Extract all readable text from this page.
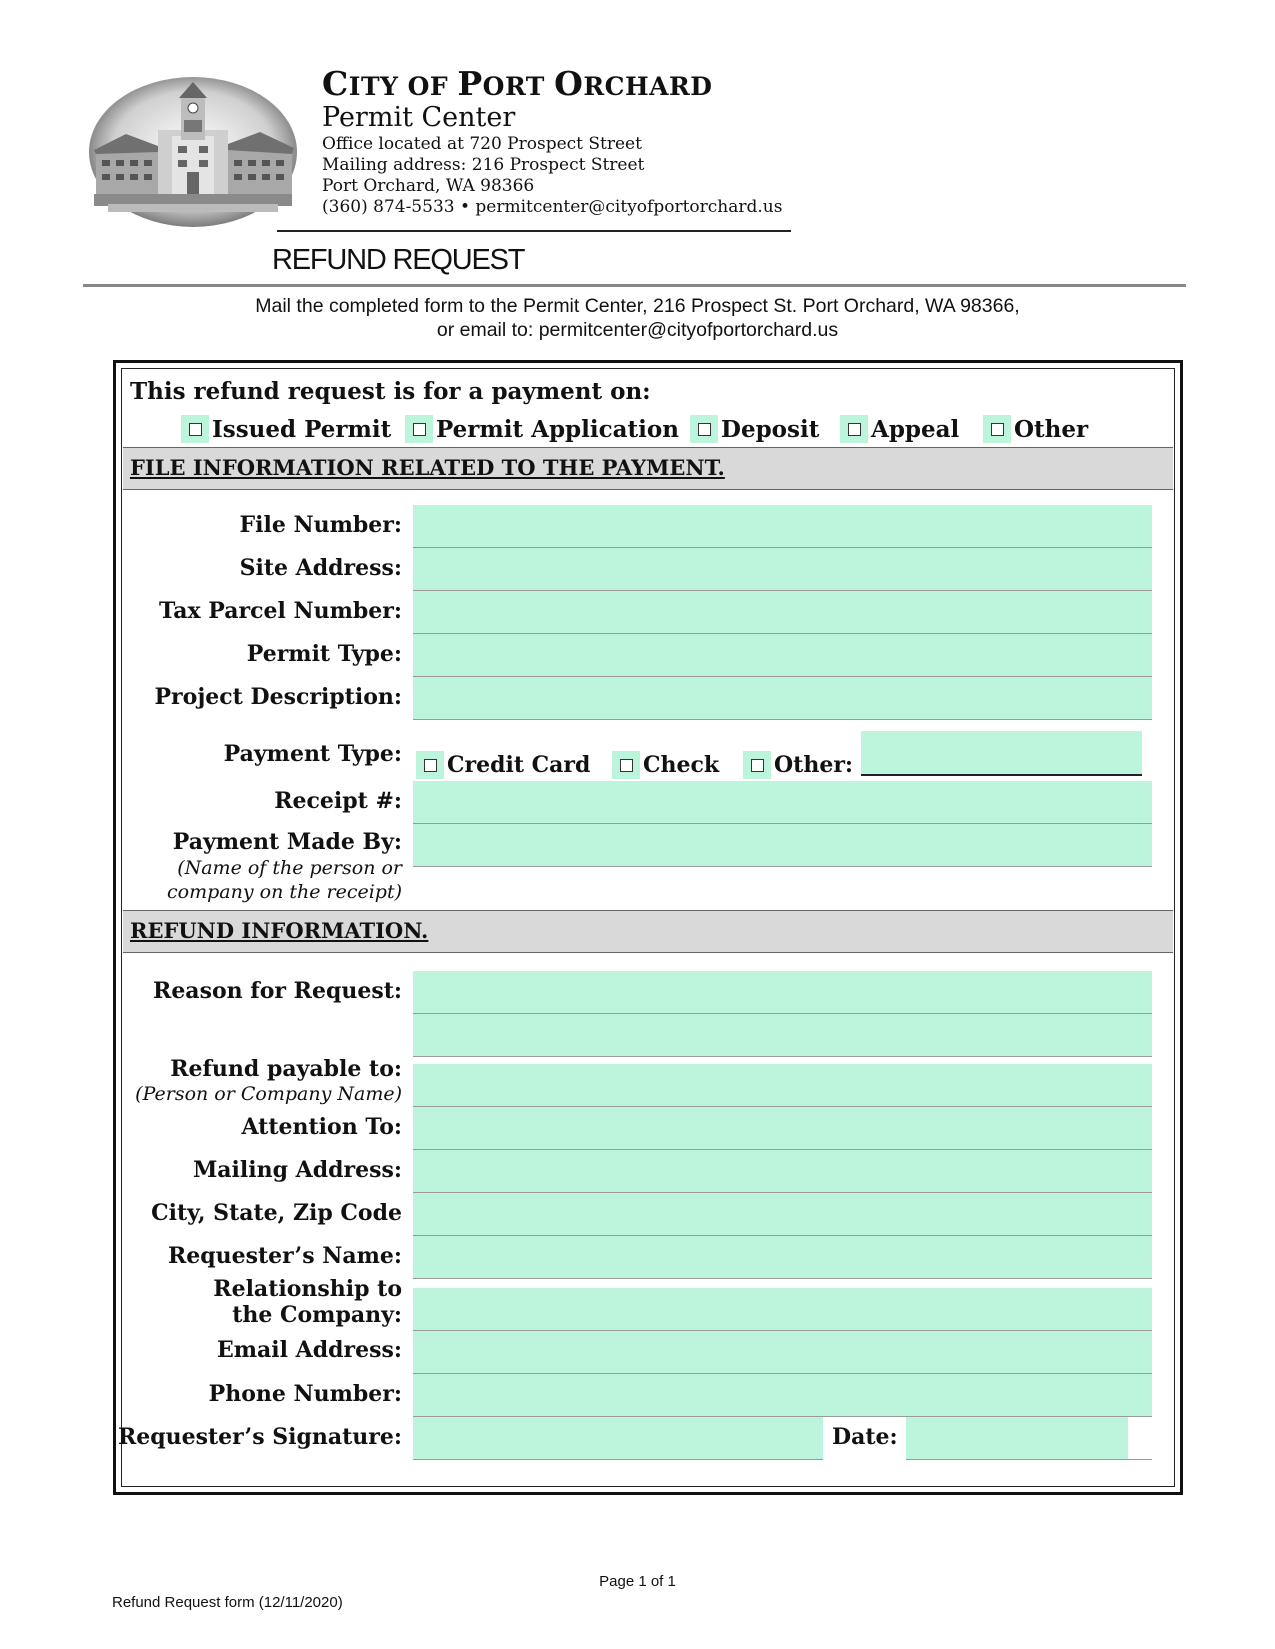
CITY OF PORT ORCHARD
Permit Center
Office located at 720 Prospect Street
Mailing address: 216 Prospect Street
Port Orchard, WA 98366
(360) 874-5533 • permitcenter@cityofportorchard.us
REFUND REQUEST
Mail the completed form to the Permit Center, 216 Prospect St. Port Orchard, WA 98366,
or email to: permitcenter@cityofportorchard.us
This refund request is for a payment on:
Issued Permit Permit Application Deposit Appeal Other
FILE INFORMATION RELATED TO THE PAYMENT.
File Number:
Site Address:
Tax Parcel Number:
Permit Type:
Project Description:
Payment Type: Credit Card Check Other:
Receipt #:
Payment Made By:
(Name of the person or
company on the receipt)
REFUND INFORMATION.
Reason for Request:
Refund payable to:
(Person or Company Name)
Attention To:
Mailing Address:
City, State, Zip Code
Requester’s Name:
Relationship to
the Company:
Email Address:
Phone Number:
Requester’s Signature:	Date:
Page 1 of 1
Refund Request form (12/11/2020)
